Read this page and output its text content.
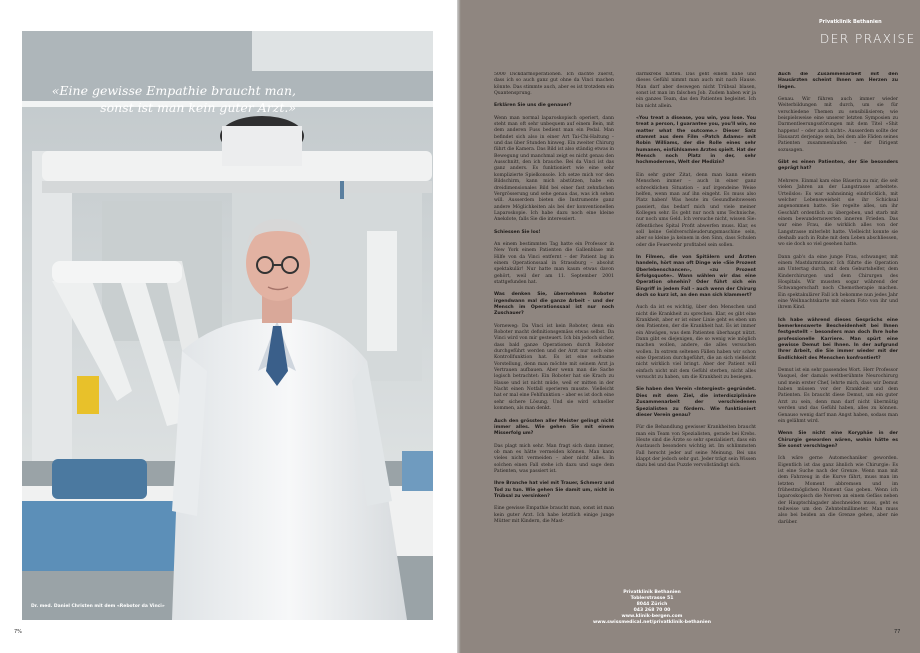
«Eine gewisse Empathie braucht man, sonst ist man kein guter Arzt.»
Dr. med. Daniel Christen mit dem «Rebotor da Vinci»
7%
Privatklinik Bethanien
DER PRAXISE

5000 Dickdarmoperationen. Ich dachte zuerst, dass ich so auch ganz gut ohne da Vinci machen könnte. Das stimmte auch, aber es ist trotzdem ein Quantensprung.

Erklären Sie uns die genauer?

Wenn man normal laparoskopisch operiert, dann steht man oft sehr unbequem auf einem Bein, mit dem anderen Fuss bedient man ein Pedal. Man befindet sich also in einer Art Tai-Chi-Haltung – und das über Stunden hinweg. Ein zweiter Chirurg führt die Kamera. Das Bild ist also ständig etwas in Bewegung und manchmal zeigt es nicht genau den Ausschnitt, den ich brauche. Bei da Vinci ist das ganz anders. Es funktioniert wie eine sehr komplizierte Spielkonsole. Ich setze mich vor den Bildschirm, kann mich abstützen, habe ein dreidimensionales Bild bei einer fast zehnfachen Vergrösserung und sehe genau das, was ich sehen will. Ausserdem bieten die Instrumente ganz andere Möglichkeiten als bei der konventionellen Laparoskopie. Ich habe dazu noch eine kleine Anekdote, falls Sie die interessiert.

Schiessen Sie los!

An einem bestimmten Tag hatte ein Professor in New York einem Patienten die Gallenblase mit Hilfe von da Vinci entfernt – der Patient lag in einem Operationssaal in Strassburg – absolut spektakulär! Nur hatte man kaum etwas davon gehört, weil der am 11. September 2001 stattgefunden hat.

Was denken Sie, übernehmen Roboter irgendwann mal die ganze Arbeit – und der Mensch im Operationssaal ist nur noch Zuschauer?

Vorneweg: Da Vinci ist kein Roboter, denn ein Roboter macht definitionsgemäss etwas selbst. Da Vinci wird von mir gesteuert. Ich bin jedoch sicher, dass bald ganze Operationen durch Roboter durchgeführt werden und der Arzt nur noch eine Kontrollfunktion hat. Es ist eine seltsame Vorstellung, denn man möchte mit seinem Arzt ja Vertrauen aufbauen. Aber wenn man die Sache logisch betrachtet: Ein Roboter hat sie Krach zu Hause und ist nicht müde, weil er mitten in der Nacht einen Notfall operieren musste. Vielleicht hat er mal eine Fehlfunktion – aber es ist doch eine sehr sichere Lösung. Und sie wird schneller kommen, als man denkt.

Auch den grössten aller Meister gelingt nicht immer alles. Wie gehen Sie mit einem Misserfolg um?

Das plagt mich sehr. Man fragt sich dann immer, ob man es hätte vermeiden können. Man kann vieles nicht vermeiden – aber nicht alles. In solchen einen Fall stehe ich dazu und sage dem Patienten, was passiert ist.

Ihre Branche hat viel mit Trauer, Schmerz und Tod zu tun. Wie gehen Sie damit um, nicht in Trübsal zu versinken?

Eine gewisse Empathie braucht man, sonst ist man kein guter Arzt. Ich habe letztlich einige junge Mütter mit Kindern, die Mast-

darmkrebs hatten. Das geht einem nahe und dieses Gefühl nimmt man auch mit nach Hause. Man darf aber deswegen nicht Trübsal blasen, sonst ist man im falschen Job. Zudem haben wir ja ein ganzes Team, das den Patienten begleitet. Ich bin nicht allein.

«You treat a disease, you win, you lose. You treat a person, I guarantee you, you'll win, no matter what the outcome.» Dieser Satz stammt aus dem Film «Patch Adams» mit Robin Williams, der die Rolle eines sehr humanen, einfühlsamen Arztes spielt. Hat der Mensch noch Platz in der, sehr hochmodernen, Welt der Medizin?

Ein sehr guter Zitat, denn man kann einem Menschen immer – auch in einer ganz schrecklichen Situation – auf irgendeine Weise helfen, wenn man auf ihn eingeht. Es muss also Platz haben! Was heute im Gesundheitswesen passiert, das bedarf mich und viele meiner Kollegen sehr. Es geht nur noch ums Technische, nur noch ums Geld. Ich versuche nicht, wissen Sie: öffentliches Spital Profit abwerfen muss. Klar, es soll keine Geldverschleuderungsmaschine sein, aber so kleine ja keinem in den Sinn, dass Schulen oder die Feuerwehr profitabel sein sollen.

In Filmen, die von Spitälern und Ärzten handeln, hört man oft Dinge wie «Sie Prozent Überlebenschancen», «zu Prozent Erfolgsquote». Wann wählen wir das eine Operation ohnehin? Oder führt sich ein Eingriff in jedem Fall – auch wenn der Chirurg doch so kurz ist, an den man sich klammert?

Auch da ist es wichtig, über den Menschen und nicht die Krankheit zu sprechen. Klar, es gibt eine Krankheit, aber er ist einer Linie geht es eben um den Patienten, der die Krankheit hat. Es ist immer ein Abwägen, was dem Patienten überhaupt nützt. Dann gibt es diejenigen, die so wenig wie möglich machen wollen, andere, die alles versuchen wollen. In extrem seltenen Fällen haben wir schon eine Operation durchgeführt, die an sich vielleicht nicht wirklich viel bringt. Aber der Patient will einfach nicht mit dem Gefühl sterben, nicht alles versucht zu haben, um die Krankheit zu besiegen.

Sie haben den Verein «Intergiest» gegründet. Dies mit dem Ziel, die interdisziplinäre Zusammenarbeit der verschiedenen Spezialisten zu fördern. Wie funktioniert dieser Verein genau?

Für die Behandlung gewisser Krankheiten braucht man ein Team von Spezialisten, gerade bei Krebs. Heute sind die Ärzte so sehr spezialisiert, dass ein Austausch besonders wichtig ist. Im schlimmsten Fall herscht jeder auf seine Meinung. Bei uns klappt der jedoch sehr gut. Jeder trägt sein Wissen dazu bei und das Puzzle vervollständigt sich.

Auch die Zusammenarbeit mit den Hausärzten scheint Ihnen am Herzen zu liegen.

Genau. Wir führen auch immer wieder Weiterbildungen mit durch, um sie für verschiedene Themen zu sensibilisieren; wie beispielsweise eine unserer letzten Symposien zu Darmentleerungsstörungen mit dem Titel «Shit happens! – oder auch nicht». Ausserdem sollte der Hausarzt derjenige sein, bei dem alle Fäden seines Patienten zusammenlaufen – der Dirigent sozusagen.

Gibt es einen Patienten, der Sie besonders geprägt hat?

Mehrere. Einmal kam eine Bäuerin zu mir, die seit vielen Jahren an der Langstrasse arbeitete. Urteilslos: Es war wahnsinnig eindrücklich, mit welcher Lebensweisheit sie ihr Schicksal angenommen hatte. Sie regelte alles, um ihr Geschäft ordentlich zu übergeben, und starb mit einem bewundernswerten inneren Frieden. Das war eine Frau, die wirklich alles von der Langstrasse miterlebt hatte. Vielleicht konnte sie deshalb auch in Ruhe mit dem Leben abschliessen, wo sie doch so viel gesehen hatte.

Dann gab's da eine junge Frau, schwanger, mit einem Mastdarmtumor. Ich führte die Operation am Untertag durch, mit dem Geburtshelfer, dem Kinderchirurgen und dem Chirurgen des Hospitals. Wir mussten sogar während der Schwangerschaft noch Chemotherapie machen. Ein spektakulärer Fall ich bekomme nun jedes Jahr eine Weihnachtskarte mit einem Foto von ihr und ihrem Kind.

Ich habe während dieses Gesprächs eine bemerkenswerte Bescheidenheit bei Ihnen festgestellt – besonders man doch Ihre hohe professionelle Karriere. Man spürt eine gewisse Demut bei Ihnen. In der aufgrund Ihrer Arbeit, die Sie immer wieder mit der Endlichkeit des Menschen konfrontiert?

Demut ist ein sehr passendes Wort. Herr Professor Vasquel, der damals weltberühmte Neurochirurg und mein erster Chef, lehrte mich, dass wir Demut haben müssen vor der Krankheit und dem Patienten. Es braucht diese Demut, um ein guter Arzt zu sein, denn man darf nicht übermütig werden und das Gefühl haben, alles zu können. Genauso wenig darf man Angst haben, sodass man ein gelähmt wird.

Wenn Sie nicht eine Koryphäe in der Chirurgie geworden wären, wohin hätte es Sie sonst verschlagen?

Ich wäre gerne Automechaniker geworden. Eigentlich ist das ganz ähnlich wie Chirurgie: Es ist eine Suche nach der Grenze. Wenn man mit dem Fahrzeug in die Kurve fährt, muss man im letzten Moment abbremsen und im frühestmöglichen Moment Gas geben. Wenn ich laparoskopisch die Nerven an einem Gefäss neben der Hauptschlagader abschneiden muss, geht es teilweise um den Zehntelmillimeter. Man muss also bei beiden an die Grenze gehen, aber nie darüber.

Privatklinik Bethanien
Toblerstrasse 51
8044 Zürich
043 268 70 00
www.klinik-bergen.com
www.swissmedical.net/privatklinik-bethanien
77
